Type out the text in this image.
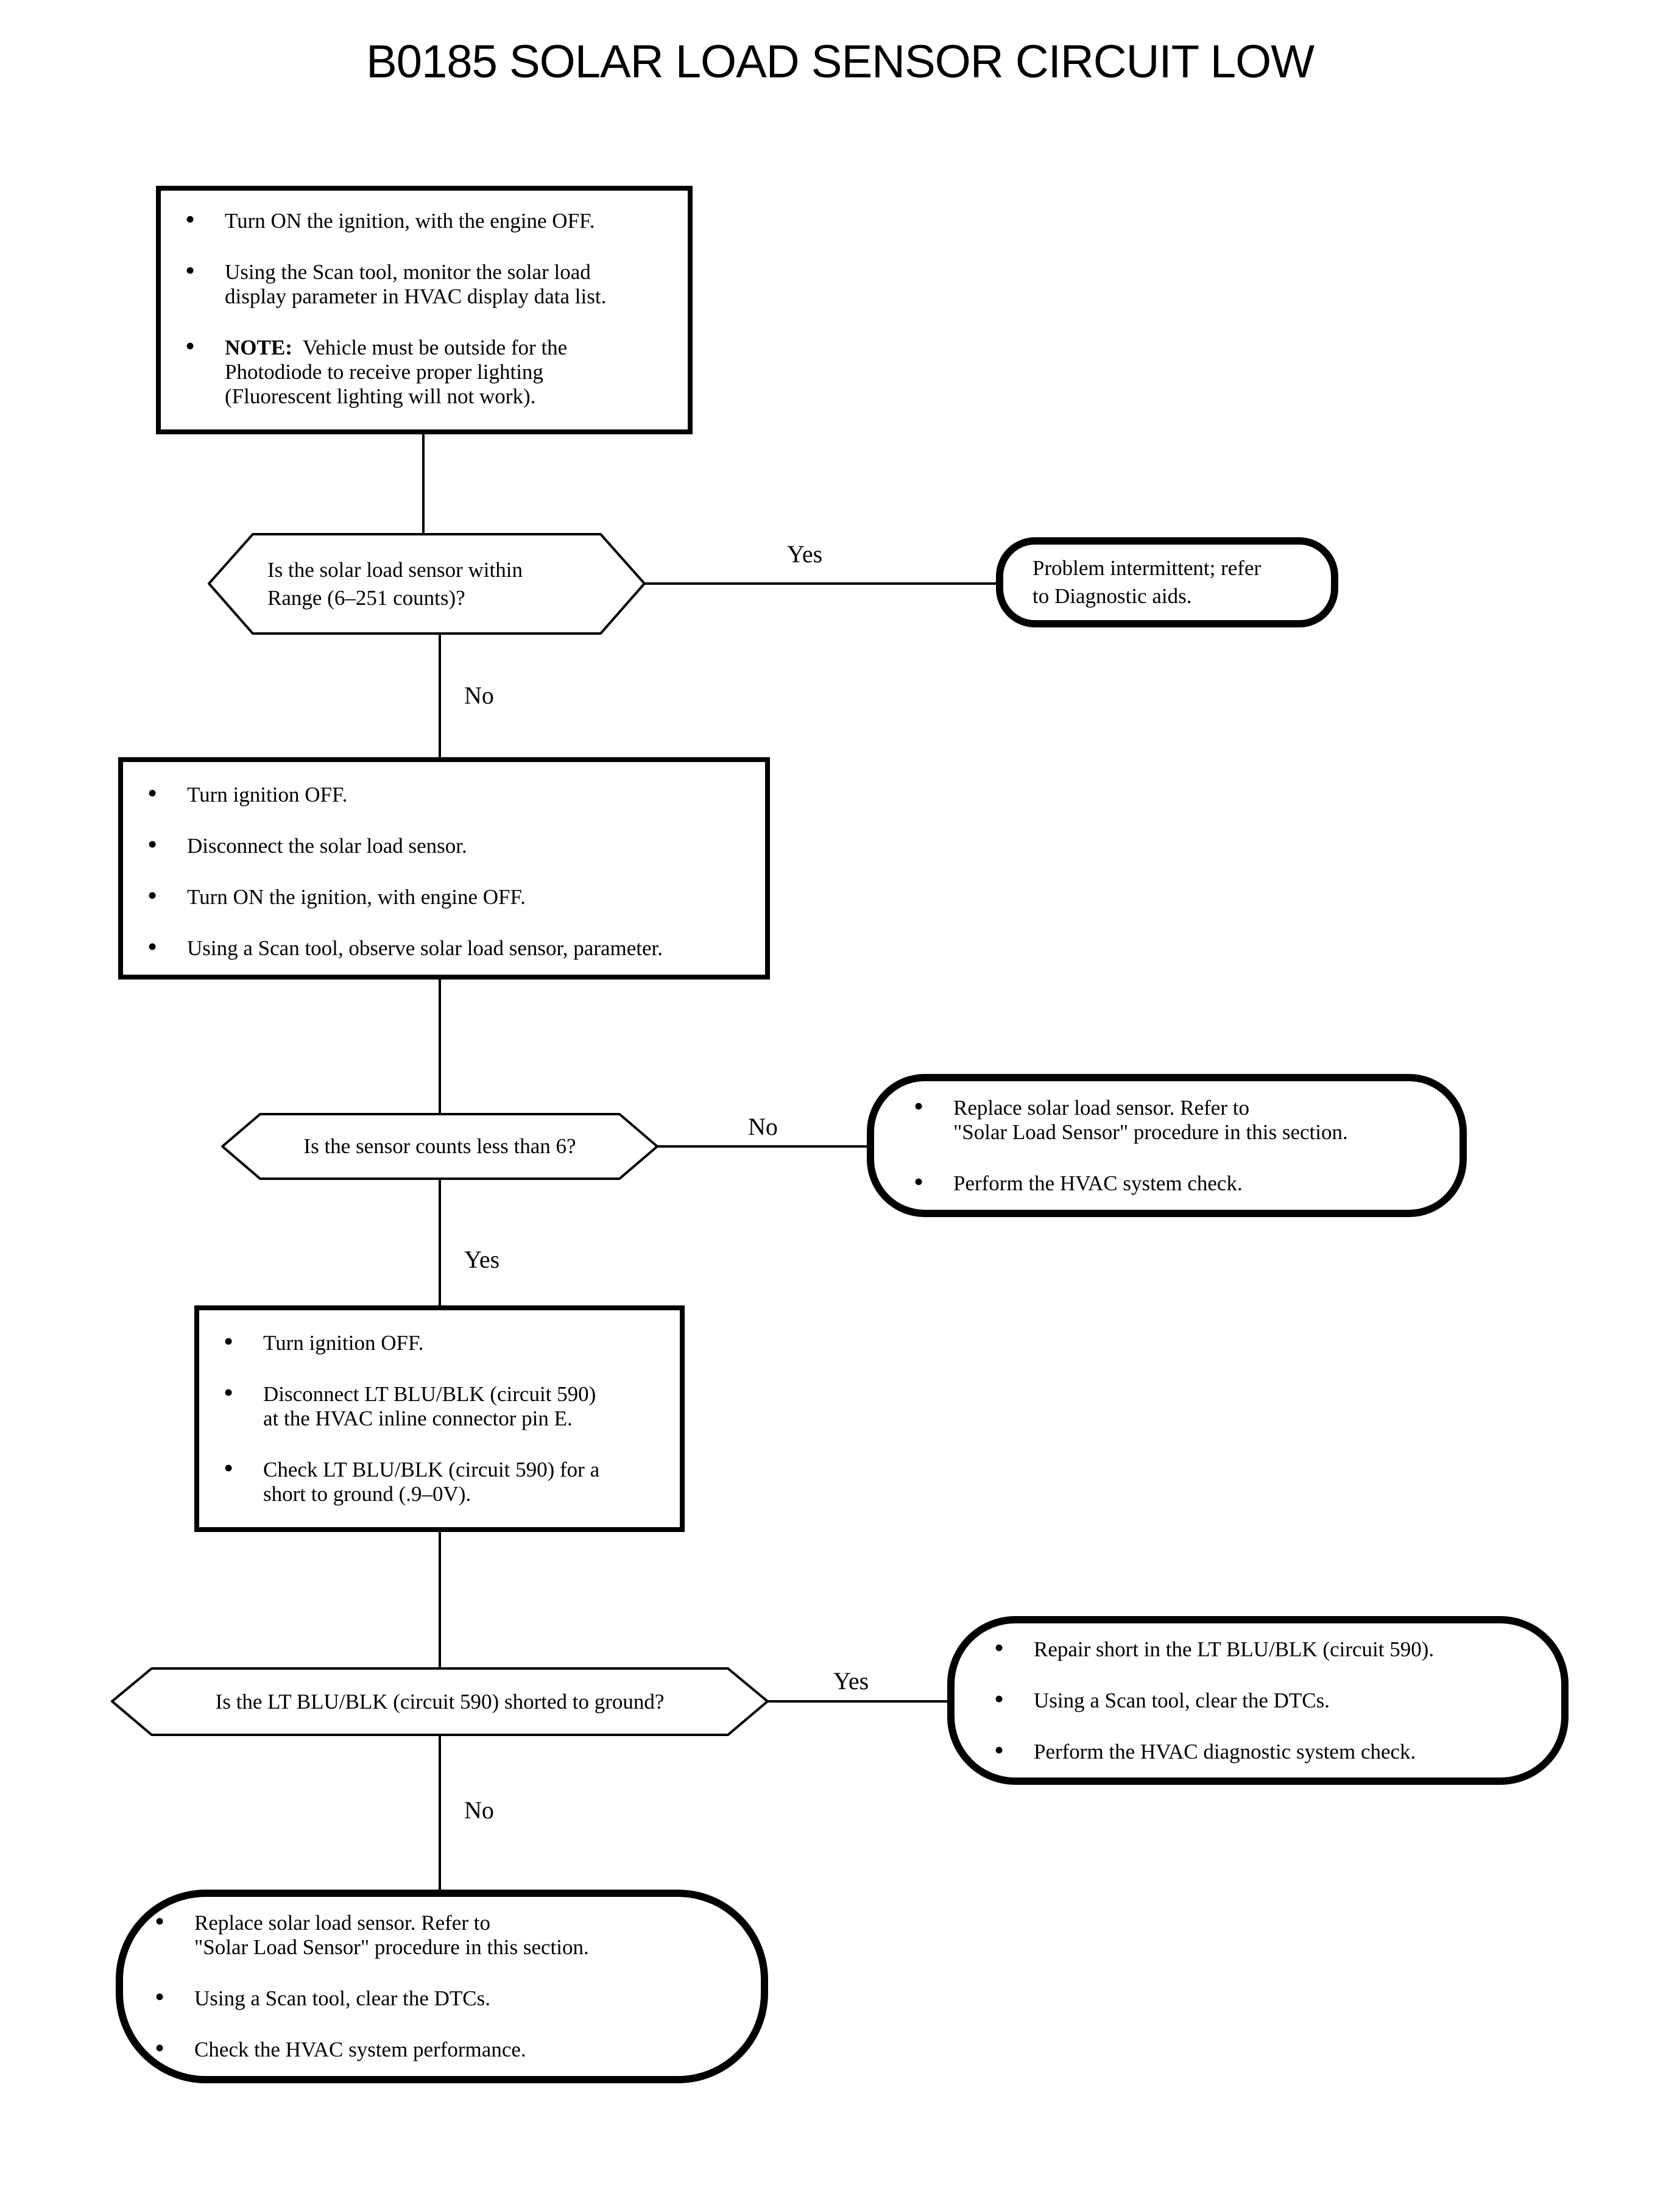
B0185 SOLAR LOAD SENSOR CIRCUIT LOW
Yes
No
No
Yes
Yes
No
• Turn ON the ignition, with the engine OFF.
• Using the Scan tool, monitor the solar load
display parameter in HVAC display data list.
• NOTE: Vehicle must be outside for the
Photodiode to receive proper lighting
(Fluorescent lighting will not work).
Is the solar load sensor within
Range (6–251 counts)?
Problem intermittent; refer
to Diagnostic aids.
• Turn ignition OFF.
• Disconnect the solar load sensor.
• Turn ON the ignition, with engine OFF.
• Using a Scan tool, observe solar load sensor, parameter.
Is the sensor counts less than 6?
• Replace solar load sensor. Refer to
"Solar Load Sensor" procedure in this section.
• Perform the HVAC system check.
• Turn ignition OFF.
• Disconnect LT BLU/BLK (circuit 590)
at the HVAC inline connector pin E.
• Check LT BLU/BLK (circuit 590) for a
short to ground (.9–0V).
Is the LT BLU/BLK (circuit 590) shorted to ground?
• Repair short in the LT BLU/BLK (circuit 590).
• Using a Scan tool, clear the DTCs.
• Perform the HVAC diagnostic system check.
• Replace solar load sensor. Refer to
"Solar Load Sensor" procedure in this section.
• Using a Scan tool, clear the DTCs.
• Check the HVAC system performance.
